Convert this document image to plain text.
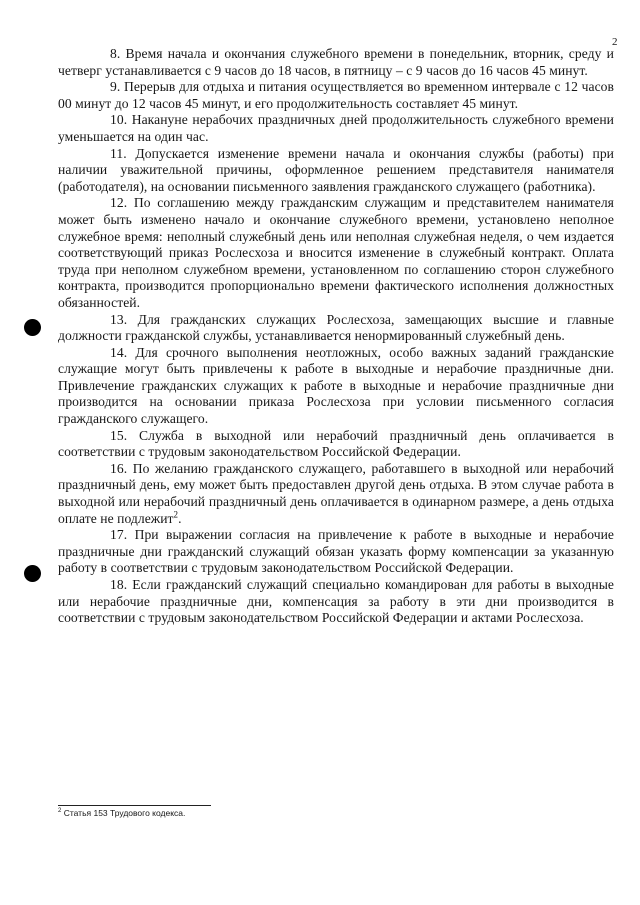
2

8. Время начала и окончания служебного времени в понедельник, вторник, среду и четверг устанавливается с 9 часов до 18 часов, в пятницу – с 9 часов до 16 часов 45 минут.

9. Перерыв для отдыха и питания осуществляется во временном интервале с 12 часов 00 минут до 12 часов 45 минут, и его продолжительность составляет 45 минут.

10. Накануне нерабочих праздничных дней продолжительность служебного времени уменьшается на один час.

11. Допускается изменение времени начала и окончания службы (работы) при наличии уважительной причины, оформленное решением представителя нанимателя (работодателя), на основании письменного заявления гражданского служащего (работника).

12. По соглашению между гражданским служащим и представителем нанимателя может быть изменено начало и окончание служебного времени, установлено неполное служебное время: неполный служебный день или неполная служебная неделя, о чем издается соответствующий приказ Рослесхоза и вносится изменение в служебный контракт. Оплата труда при неполном служебном времени, установленном по соглашению сторон служебного контракта, производится пропорционально времени фактического исполнения должностных обязанностей.

13. Для гражданских служащих Рослесхоза, замещающих высшие и главные должности гражданской службы, устанавливается ненормированный служебный день.

14. Для срочного выполнения неотложных, особо важных заданий гражданские служащие могут быть привлечены к работе в выходные и нерабочие праздничные дни. Привлечение гражданских служащих к работе в выходные и нерабочие праздничные дни производится на основании приказа Рослесхоза при условии письменного согласия гражданского служащего.

15. Служба в выходной или нерабочий праздничный день оплачивается в соответствии с трудовым законодательством Российской Федерации.

16. По желанию гражданского служащего, работавшего в выходной или нерабочий праздничный день, ему может быть предоставлен другой день отдыха. В этом случае работа в выходной или нерабочий праздничный день оплачивается в одинарном размере, а день отдыха оплате не подлежит$^2$.

17. При выражении согласия на привлечение к работе в выходные и нерабочие праздничные дни гражданский служащий обязан указать форму компенсации за указанную работу в соответствии с трудовым законодательством Российской Федерации.

18. Если гражданский служащий специально командирован для работы в выходные или нерабочие праздничные дни, компенсация за работу в эти дни производится в соответствии с трудовым законодательством Российской Федерации и актами Рослесхоза.

$^2$ Статья 153 Трудового кодекса.
